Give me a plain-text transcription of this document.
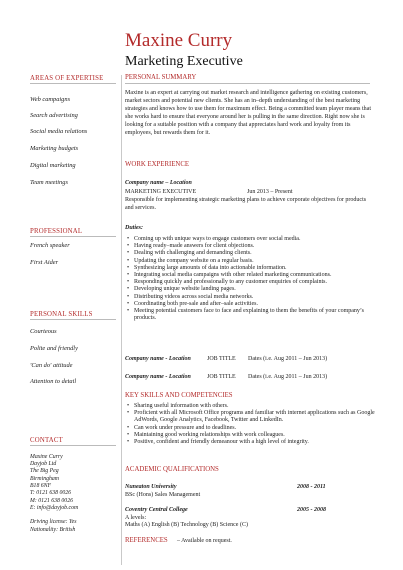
Maxine Curry
Marketing Executive
AREAS OF EXPERTISE
Web campaigns
Search advertising
Social media relations
Marketing budgets
Digital marketing
Team meetings
PROFESSIONAL
French speaker
First Aider
PERSONAL SKILLS
Courteous
Polite and friendly
'Can do' attitude
Attention to detail
CONTACT
Maxine Curry
Dayjob Ltd
The Big Peg
Birmingham
B18 6NF
T: 0121 638 0026
M: 0121 638 0026
E: info@dayjob.com
Driving license: Yes
Nationality: British
PERSONAL SUMMARY
Maxine is an expert at carrying out market research and intelligence gathering on existing customers, market sectors and potential new clients. She has an in–depth understanding of the best marketing strategies and knows how to use them for maximum effect. Being a committed team player means that she works hard to ensure that everyone around her is pulling in the same direction. Right now she is looking for a suitable position with a company that appreciates hard work and loyalty from its employees, but rewards them for it.
WORK EXPERIENCE
Company name – Location
MARKETING EXECUTIVE	Jun 2013 – Present
Responsible for implementing strategic marketing plans to achieve corporate objectives for products and services.
Duties:
• Coming up with unique ways to engage customers over social media.
• Having ready–made answers for client objections.
• Dealing with challenging and demanding clients.
• Updating the company website on a regular basis.
• Synthesizing large amounts of data into actionable information.
• Integrating social media campaigns with other related marketing communications.
• Responding quickly and professionally to any customer enquiries of complaints.
• Developing unique website landing pages.
• Distributing videos across social media networks.
• Coordinating both pre-sale and after–sale activities.
• Meeting potential customers face to face and explaining to them the benefits of your company’s products.
Company name - Location	JOB TITLE Dates (i.e. Aug 2011 – Jun 2013)
Company name - Location	JOB TITLE Dates (i.e. Aug 2011 – Jun 2013)
KEY SKILLS AND COMPETENCIES
• Sharing useful information with others.
• Proficient with all Microsoft Office programs and familiar with internet applications such as Google AdWords, Google Analytics, Facebook, Twitter and LinkedIn.
• Can work under pressure and to deadlines.
• Maintaining good working relationships with work colleagues.
• Positive, confident and friendly demeanour with a high level of integrity.
ACADEMIC QUALIFICATIONS
Nuneaton University	2008 - 2011
BSc (Hons) Sales Management
Coventry Central College	2005 - 2008
A levels:
Maths (A) English (B) Technology (B) Science (C)
REFERENCES – Available on request.
